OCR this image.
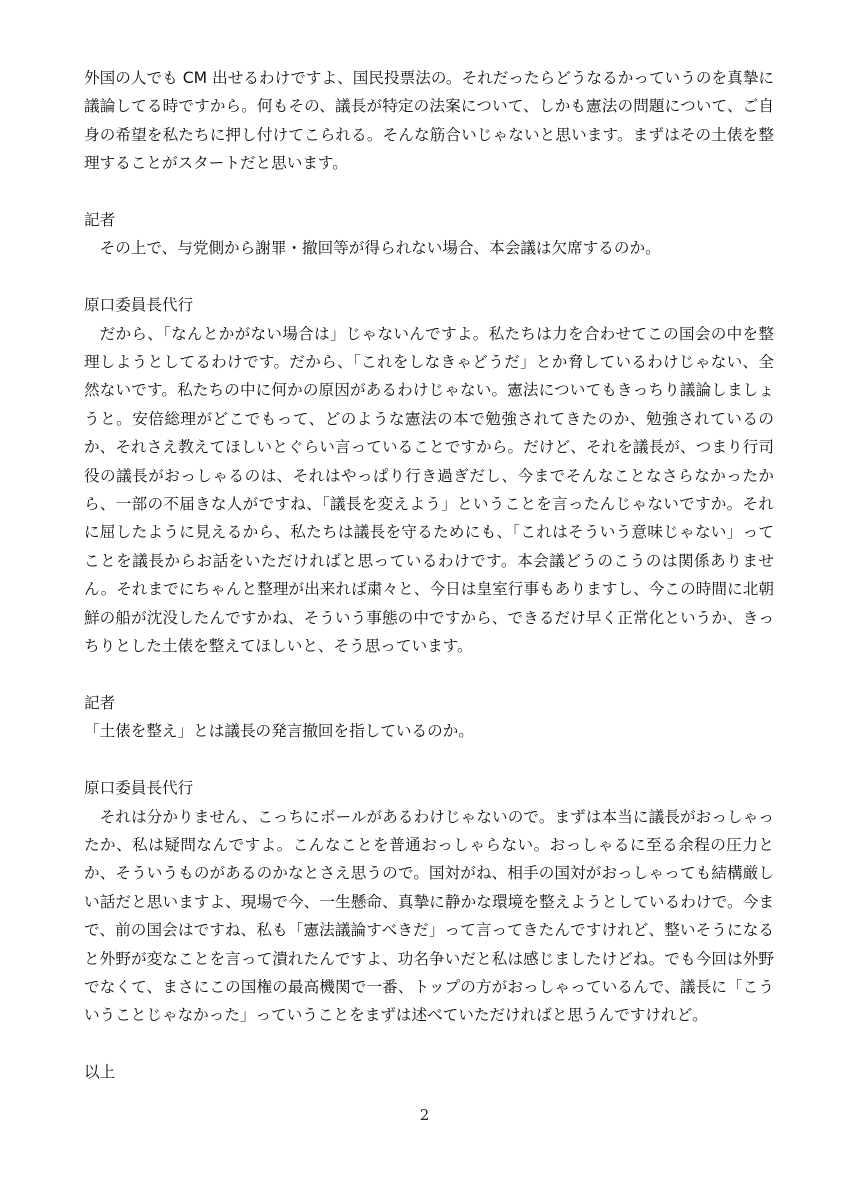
外国の人でも CM 出せるわけですよ、国民投票法の。それだったらどうなるかっていうのを真摯に議論してる時ですから。何もその、議長が特定の法案について、しかも憲法の問題について、ご自身の希望を私たちに押し付けてこられる。そんな筋合いじゃないと思います。まずはその土俵を整理することがスタートだと思います。

記者

その上で、与党側から謝罪・撤回等が得られない場合、本会議は欠席するのか。

原口委員長代行

だから、「なんとかがない場合は」じゃないんですよ。私たちは力を合わせてこの国会の中を整理しようとしてるわけです。だから、「これをしなきゃどうだ」とか脅しているわけじゃない、全然ないです。私たちの中に何かの原因があるわけじゃない。憲法についてもきっちり議論しましょうと。安倍総理がどこでもって、どのような憲法の本で勉強されてきたのか、勉強されているのか、それさえ教えてほしいとぐらい言っていることですから。だけど、それを議長が、つまり行司役の議長がおっしゃるのは、それはやっぱり行き過ぎだし、今までそんなことなさらなかったから、一部の不届きな人がですね、「議長を変えよう」ということを言ったんじゃないですか。それに屈したように見えるから、私たちは議長を守るためにも、「これはそういう意味じゃない」ってことを議長からお話をいただければと思っているわけです。本会議どうのこうのは関係ありません。それまでにちゃんと整理が出来れば粛々と、今日は皇室行事もありますし、今この時間に北朝鮮の船が沈没したんですかね、そういう事態の中ですから、できるだけ早く正常化というか、きっちりとした土俵を整えてほしいと、そう思っています。

記者

「土俵を整え」とは議長の発言撤回を指しているのか。

原口委員長代行

それは分かりません、こっちにボールがあるわけじゃないので。まずは本当に議長がおっしゃったか、私は疑問なんですよ。こんなことを普通おっしゃらない。おっしゃるに至る余程の圧力とか、そういうものがあるのかなとさえ思うので。国対がね、相手の国対がおっしゃっても結構厳しい話だと思いますよ、現場で今、一生懸命、真摯に静かな環境を整えようとしているわけで。今まで、前の国会はですね、私も「憲法議論すべきだ」って言ってきたんですけれど、整いそうになると外野が変なことを言って潰れたんですよ、功名争いだと私は感じましたけどね。でも今回は外野でなくて、まさにこの国権の最高機関で一番、トップの方がおっしゃっているんで、議長に「こういうことじゃなかった」っていうことをまずは述べていただければと思うんですけれど。

以上

2
